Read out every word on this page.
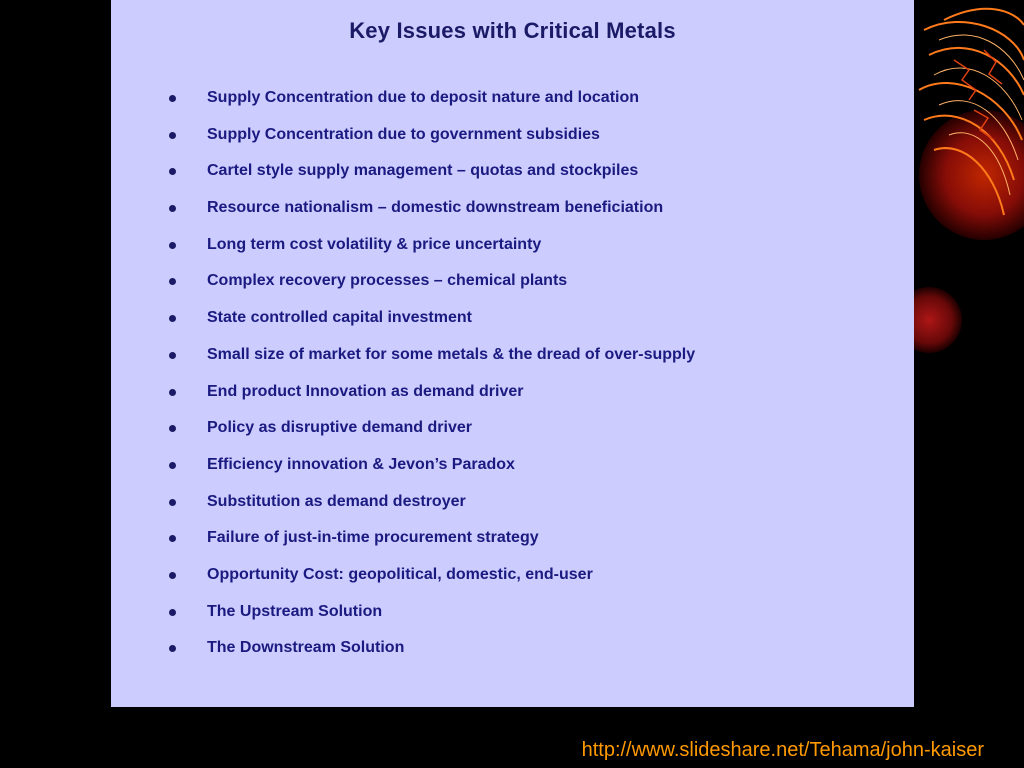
Key Issues with Critical Metals
Supply Concentration due to deposit nature and location
Supply Concentration due to government subsidies
Cartel style supply management – quotas and stockpiles
Resource nationalism – domestic downstream beneficiation
Long term cost volatility & price uncertainty
Complex recovery processes – chemical plants
State controlled capital investment
Small size of market for some metals & the dread of over-supply
End product Innovation as demand driver
Policy as disruptive demand driver
Efficiency innovation & Jevon’s Paradox
Substitution as demand destroyer
Failure of just-in-time procurement strategy
Opportunity Cost: geopolitical, domestic, end-user
The Upstream Solution
The Downstream Solution
http://www.slideshare.net/Tehama/john-kaiser
